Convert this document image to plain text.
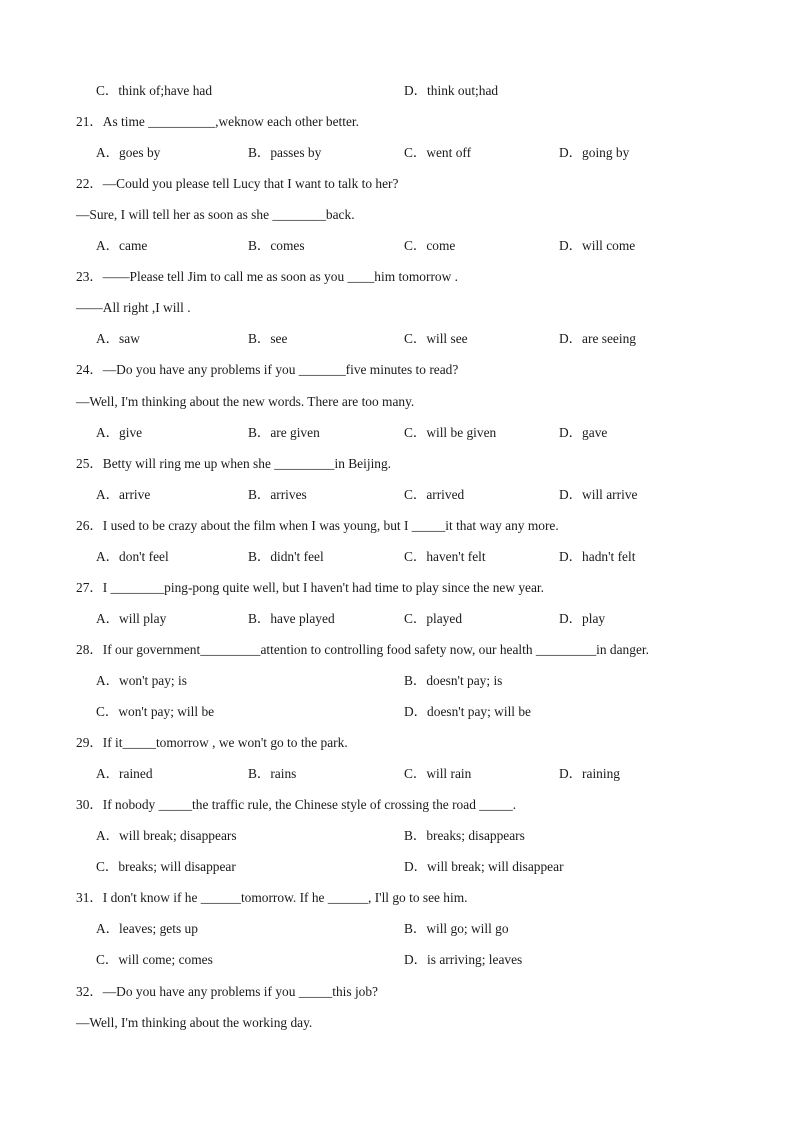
C．think of;have had	D．think out;had
21．As time __________,weknow each other better.
A．goes by	B．passes by	C．went off	D．going by
22．—Could you please tell Lucy that I want to talk to her?
—Sure, I will tell her as soon as she ________back.
A．came	B．comes	C．come	D．will come
23．——Please tell Jim to call me as soon as you ____him tomorrow .
——All right ,I will .
A．saw	B．see	C．will see	D．are seeing
24．—Do you have any problems if you _______five minutes to read?
—Well, I'm thinking about the new words. There are too many.
A．give	B．are given	C．will be given	D．gave
25．Betty will ring me up when she _________in Beijing.
A．arrive	B．arrives	C．arrived	D．will arrive
26．I used to be crazy about the film when I was young, but I _____it that way any more.
A．don't feel	B．didn't feel	C．haven't felt	D．hadn't felt
27．I ________ping-pong quite well, but I haven't had time to play since the new year.
A．will play	B．have played	C．played	D．play
28．If our government_________attention to controlling food safety now, our health _________in danger.
A．won't pay; is	B．doesn't pay; is
C．won't pay; will be	D．doesn't pay; will be
29．If it_____tomorrow , we won't go to the park.
A．rained	B．rains	C．will rain	D．raining
30．If nobody _____the traffic rule, the Chinese style of crossing the road _____.
A．will break; disappears	B．breaks; disappears
C．breaks; will disappear	D．will break; will disappear
31．I don't know if he ______tomorrow. If he ______, I'll go to see him.
A．leaves; gets up	B．will go; will go
C．will come; comes	D．is arriving; leaves
32．—Do you have any problems if you _____this job?
—Well, I'm thinking about the working day.
